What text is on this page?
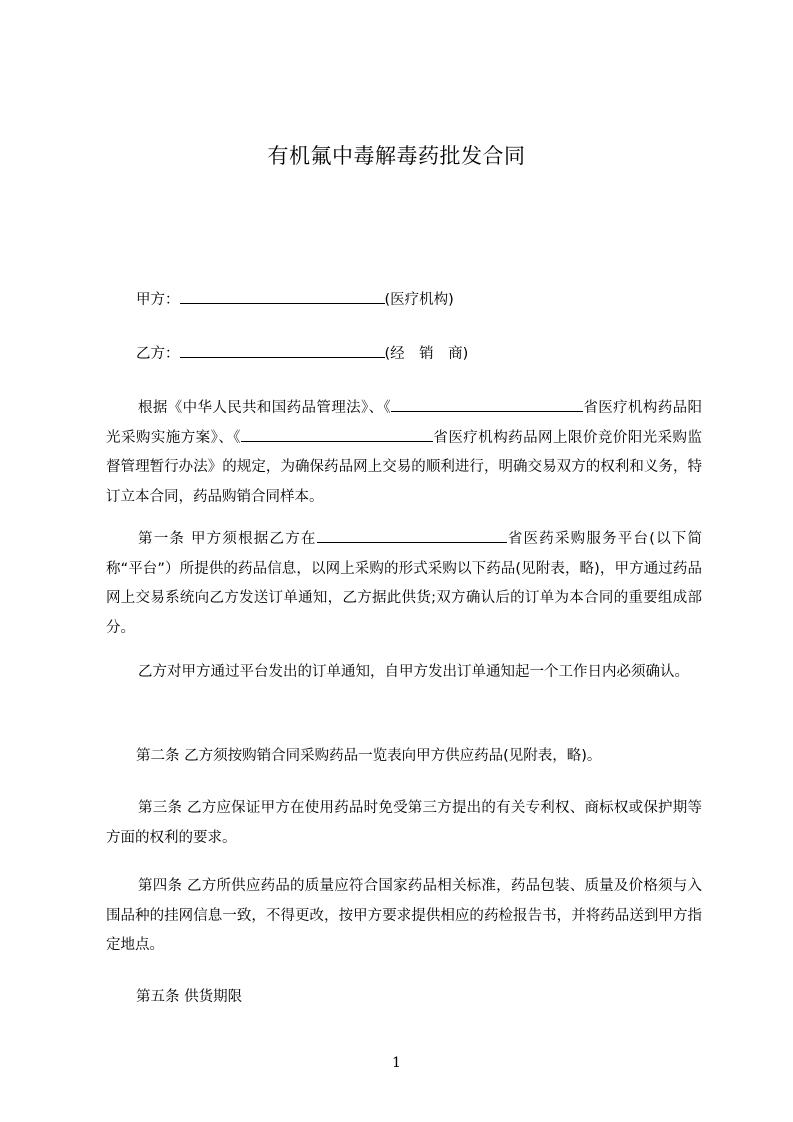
有机氟中毒解毒药批发合同
甲方：	(医疗机构)
乙方：	(经　销　商)

根据《中华人民共和国药品管理法》、《	省医疗机构药品阳光采购实施方案》、《	省医疗机构药品网上限价竞价阳光采购监督管理暂行办法》的规定，为确保药品网上交易的顺利进行，明确交易双方的权利和义务，特订立本合同，药品购销合同样本。

第一条 甲方须根据乙方在	省医药采购服务平台(以下简称“平台”）所提供的药品信息，以网上采购的形式采购以下药品(见附表，略)，甲方通过药品网上交易系统向乙方发送订单通知，乙方据此供货;双方确认后的订单为本合同的重要组成部分。

乙方对甲方通过平台发出的订单通知，自甲方发出订单通知起一个工作日内必须确认。

第二条 乙方须按购销合同采购药品一览表向甲方供应药品(见附表，略)。

第三条 乙方应保证甲方在使用药品时免受第三方提出的有关专利权、商标权或保护期等方面的权利的要求。

第四条 乙方所供应药品的质量应符合国家药品相关标准，药品包装、质量及价格须与入围品种的挂网信息一致，不得更改，按甲方要求提供相应的药检报告书，并将药品送到甲方指定地点。

第五条 供货期限

1
